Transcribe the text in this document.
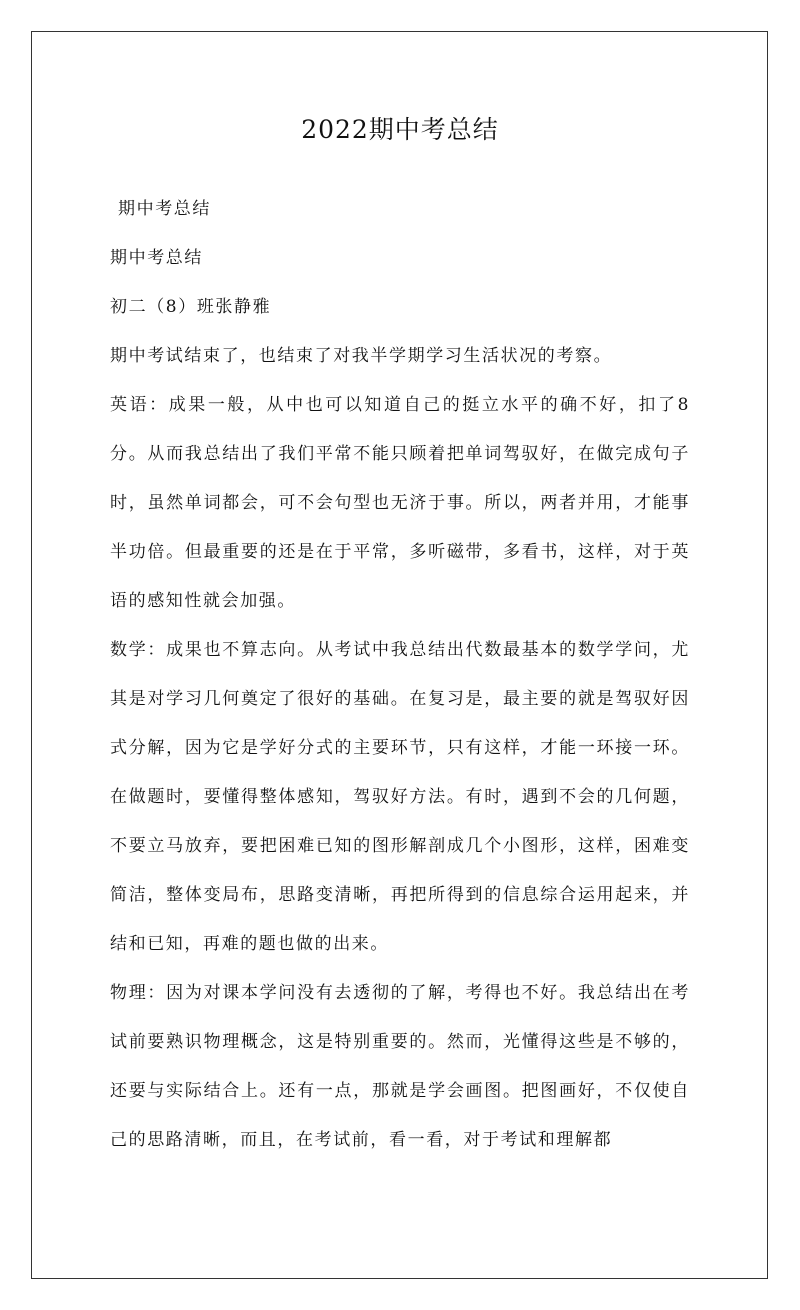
2022期中考总结

期中考总结

期中考总结

初二（8）班张静雅

期中考试结束了，也结束了对我半学期学习生活状况的考察。

英语：成果一般，从中也可以知道自己的挺立水平的确不好，扣了8分。从而我总结出了我们平常不能只顾着把单词驾驭好，在做完成句子时，虽然单词都会，可不会句型也无济于事。所以，两者并用，才能事半功倍。但最重要的还是在于平常，多听磁带，多看书，这样，对于英语的感知性就会加强。

数学：成果也不算志向。从考试中我总结出代数最基本的数学学问，尤其是对学习几何奠定了很好的基础。在复习是，最主要的就是驾驭好因式分解，因为它是学好分式的主要环节，只有这样，才能一环接一环。在做题时，要懂得整体感知，驾驭好方法。有时，遇到不会的几何题，不要立马放弃，要把困难已知的图形解剖成几个小图形，这样，困难变简洁，整体变局布，思路变清晰，再把所得到的信息综合运用起来，并结和已知，再难的题也做的出来。

物理：因为对课本学问没有去透彻的了解，考得也不好。我总结出在考试前要熟识物理概念，这是特别重要的。然而，光懂得这些是不够的，还要与实际结合上。还有一点，那就是学会画图。把图画好，不仅使自己的思路清晰，而且，在考试前，看一看，对于考试和理解都
